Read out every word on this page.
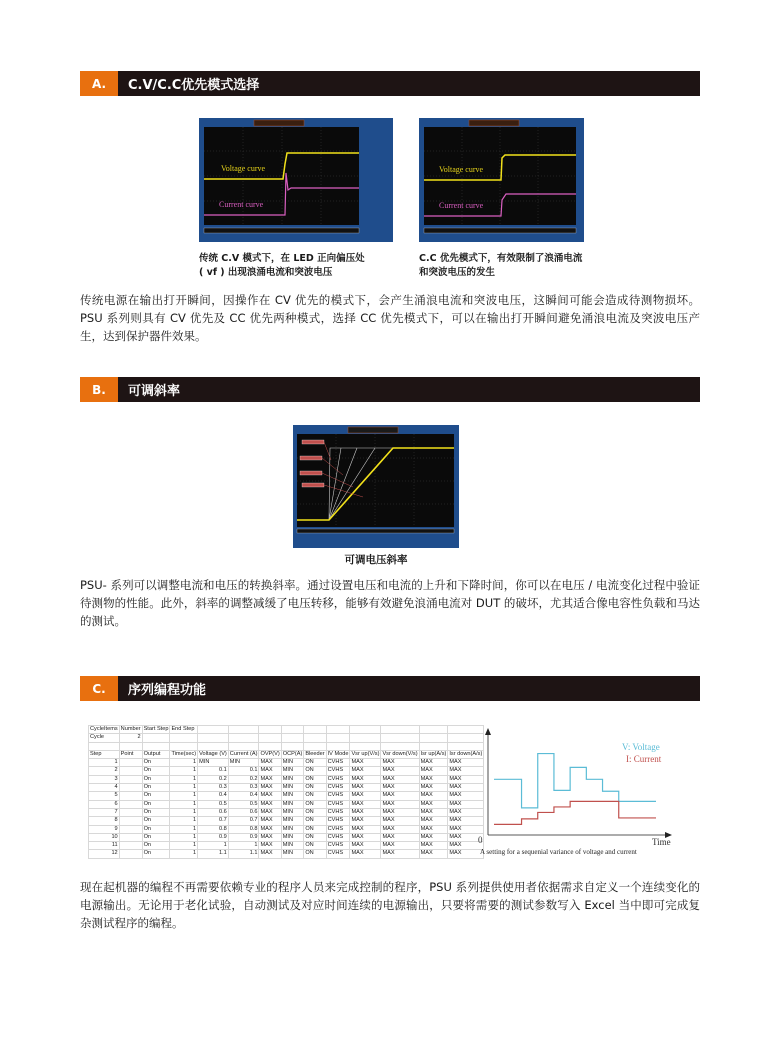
A.	C.V/C.C优先模式选择
Voltage curve
Current curve
传统 C.V 模式下，在 LED 正向偏压处
( vf ) 出现浪涌电流和突波电压
Voltage curve
Current curve
C.C 优先模式下，有效限制了浪涌电流
和突波电压的发生
传统电源在输出打开瞬间，因操作在 CV 优先的模式下，会产生涌浪电流和突波电压，这瞬间可能会造成待测物损坏。PSU 系列则具有 CV 优先及 CC 优先两种模式，选择 CC 优先模式下，可以在输出打开瞬间避免涌浪电流及突波电压产生，达到保护器件效果。
B.	可调斜率
可调电压斜率
PSU- 系列可以调整电流和电压的转换斜率。通过设置电压和电流的上升和下降时间，你可以在电压 / 电流变化过程中验证待测物的性能。此外，斜率的调整减缓了电压转移，能够有效避免浪涌电流对 DUT 的破坏，尤其适合像电容性负载和马达的测试。
C.	序列编程功能
CycleItems	Number	Start Step	End Step										
Cycle	2												

Step	Point	Output	Time(sec)	Voltage (V)	Current (A)	OVP(V)	OCP(A)	Bleeder	IV Mode	Vsr up(V/s)	Vsr down(V/s)	Isr up(A/s)	Isr down(A/s)
1		On	1	MIN	MIN	MAX	MIN	ON	CVHS	MAX	MAX	MAX	MAX
2		On	1	0.1	0.1	MAX	MIN	ON	CVHS	MAX	MAX	MAX	MAX
3		On	1	0.2	0.2	MAX	MIN	ON	CVHS	MAX	MAX	MAX	MAX
4		On	1	0.3	0.3	MAX	MIN	ON	CVHS	MAX	MAX	MAX	MAX
5		On	1	0.4	0.4	MAX	MIN	ON	CVHS	MAX	MAX	MAX	MAX
6		On	1	0.5	0.5	MAX	MIN	ON	CVHS	MAX	MAX	MAX	MAX
7		On	1	0.6	0.6	MAX	MIN	ON	CVHS	MAX	MAX	MAX	MAX
8		On	1	0.7	0.7	MAX	MIN	ON	CVHS	MAX	MAX	MAX	MAX
9		On	1	0.8	0.8	MAX	MIN	ON	CVHS	MAX	MAX	MAX	MAX
10		On	1	0.9	0.9	MAX	MIN	ON	CVHS	MAX	MAX	MAX	MAX
11		On	1	1	1	MAX	MIN	ON	CVHS	MAX	MAX	MAX	MAX
12		On	1	1.1	1.1	MAX	MIN	ON	CVHS	MAX	MAX	MAX	MAX
V: Voltage
I: Current
0	Time
A setting for a sequenial variance of voltage and current
现在起机器的编程不再需要依赖专业的程序人员来完成控制的程序，PSU 系列提供使用者依据需求自定义一个连续变化的电源输出。无论用于老化试验，自动测试及对应时间连续的电源输出，只要将需要的测试参数写入 Excel 当中即可完成复杂测试程序的编程。
